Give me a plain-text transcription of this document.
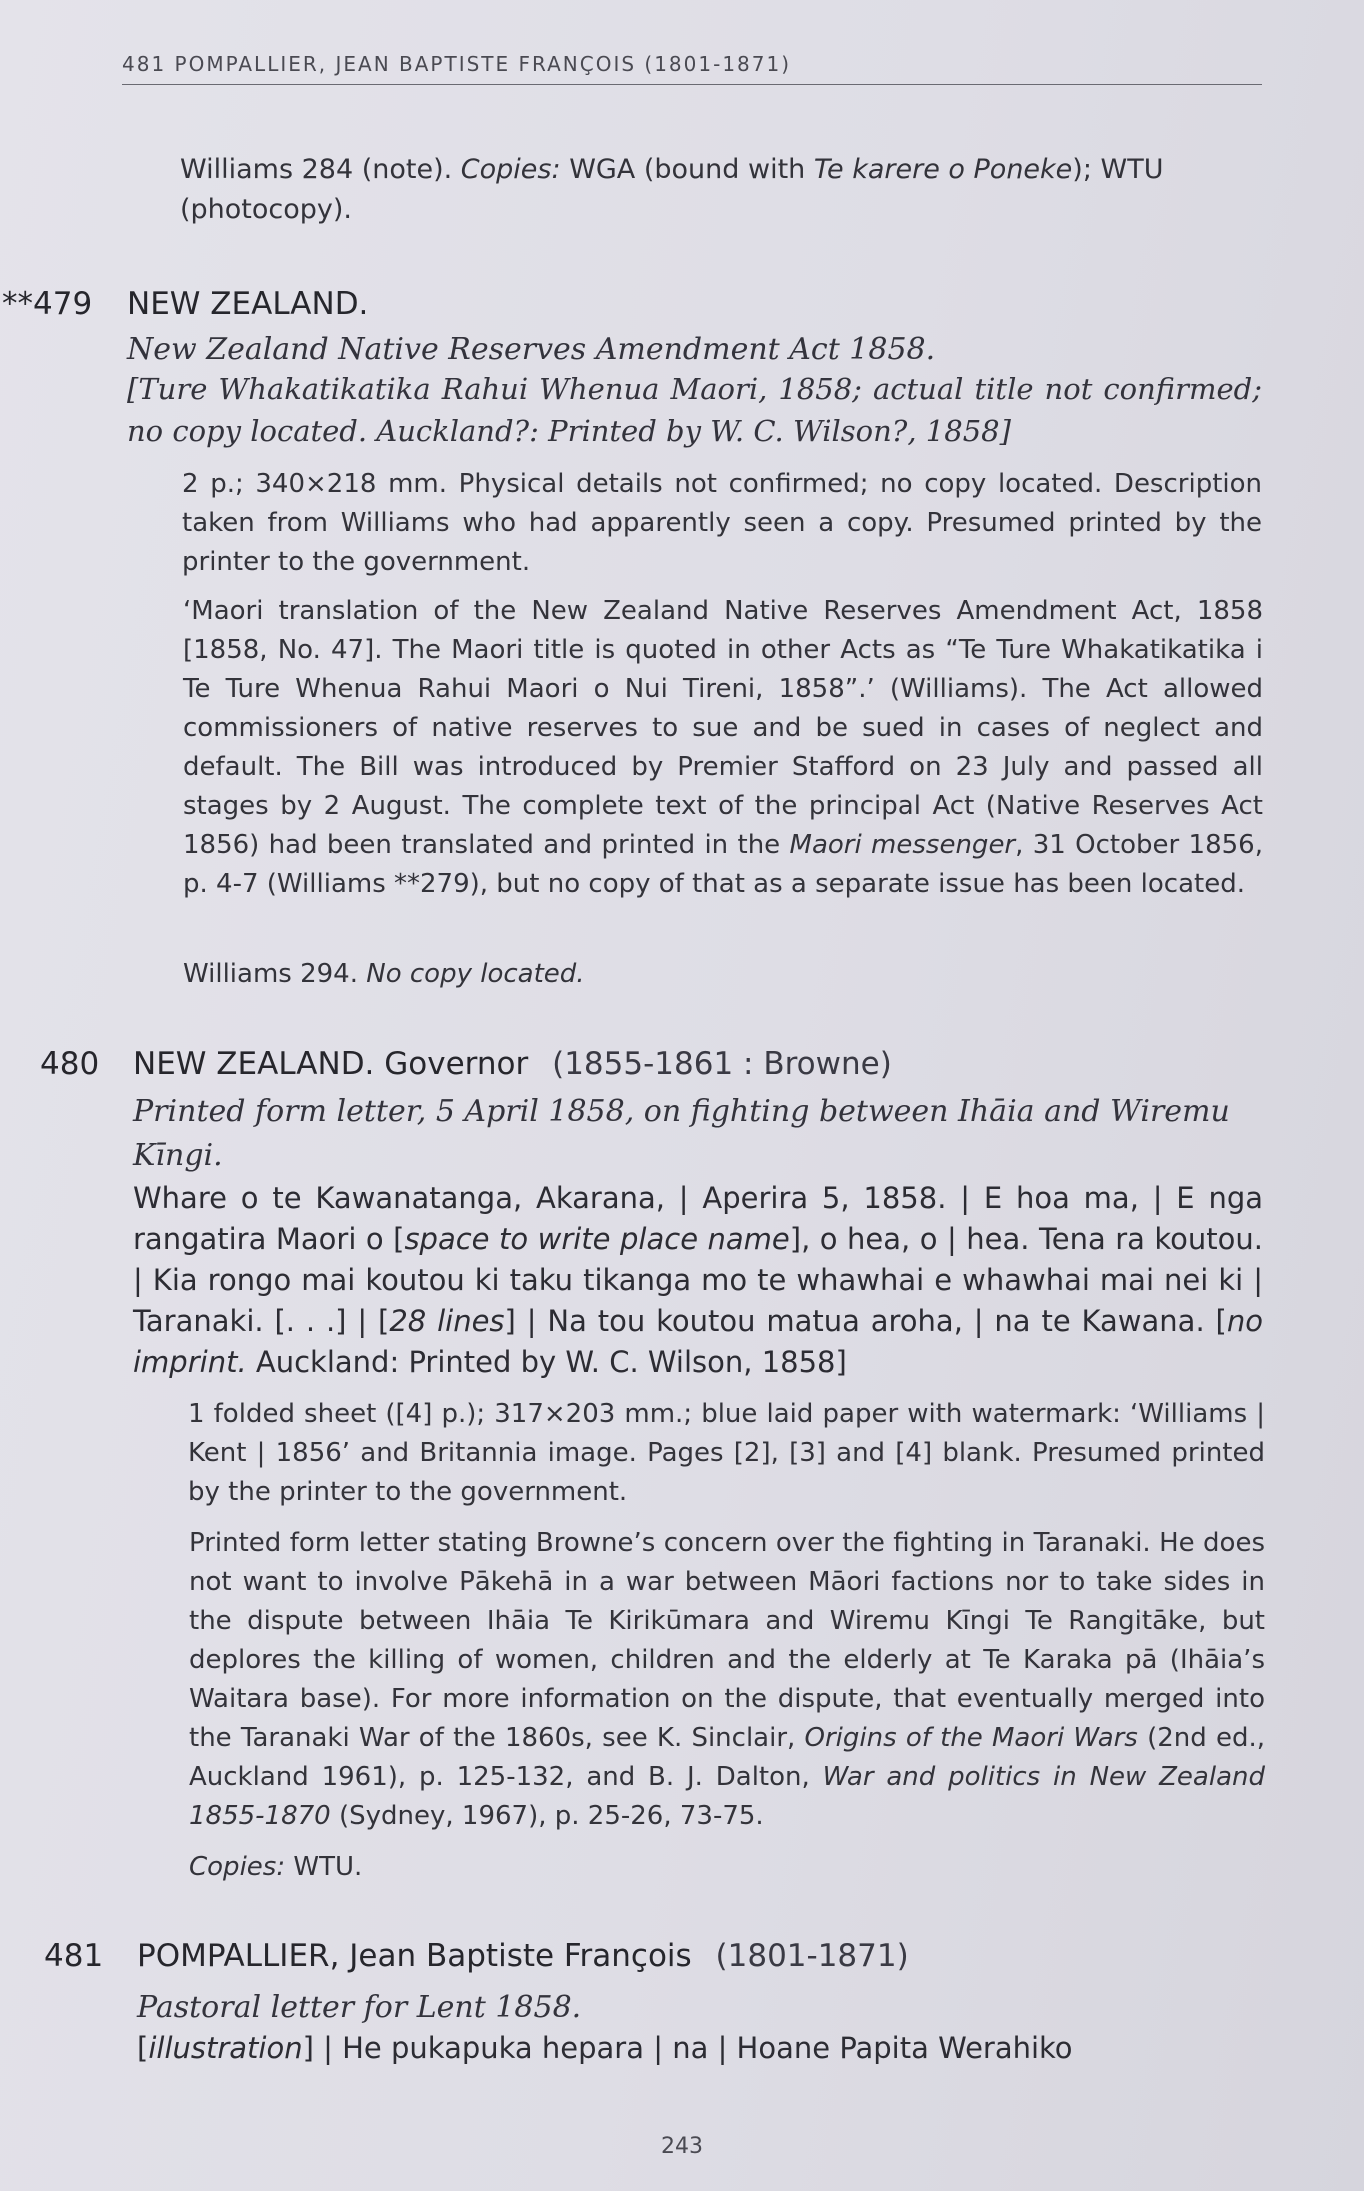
481 POMPALLIER, JEAN BAPTISTE FRANÇOIS (1801-1871)
Williams 284 (note). Copies: WGA (bound with Te karere o Poneke); WTU
(photocopy).
**479 NEW ZEALAND.
New Zealand Native Reserves Amendment Act 1858.
[Ture Whakatikatika Rahui Whenua Maori, 1858; actual title not confirmed; no copy located. Auckland?: Printed by W. C. Wilson?, 1858]
2 p.; 340×218 mm. Physical details not confirmed; no copy located. Description taken from Williams who had apparently seen a copy. Presumed printed by the printer to the government.
‘Maori translation of the New Zealand Native Reserves Amendment Act, 1858 [1858, No. 47]. The Maori title is quoted in other Acts as “Te Ture Whakatikatika i Te Ture Whenua Rahui Maori o Nui Tireni, 1858”.’ (Williams). The Act allowed commissioners of native reserves to sue and be sued in cases of neglect and default. The Bill was introduced by Premier Stafford on 23 July and passed all stages by 2 August. The complete text of the principal Act (Native Reserves Act 1856) had been translated and printed in the Maori messenger, 31 October 1856, p. 4-7 (Williams **279), but no copy of that as a separate issue has been located.
Williams 294. No copy located.
480 NEW ZEALAND. Governor (1855-1861 : Browne)
Printed form letter, 5 April 1858, on fighting between Ihāia and Wiremu Kīngi.
Whare o te Kawanatanga, Akarana, | Aperira 5, 1858. | E hoa ma, | E nga rangatira Maori o [space to write place name], o hea, o | hea. Tena ra koutou. | Kia rongo mai koutou ki taku tikanga mo te whawhai e whawhai mai nei ki | Taranaki. [. . .] | [28 lines] | Na tou koutou matua aroha, | na te Kawana. [no imprint. Auckland: Printed by W. C. Wilson, 1858]
1 folded sheet ([4] p.); 317×203 mm.; blue laid paper with watermark: ‘Williams | Kent | 1856’ and Britannia image. Pages [2], [3] and [4] blank. Presumed printed by the printer to the government.
Printed form letter stating Browne’s concern over the fighting in Taranaki. He does not want to involve Pākehā in a war between Māori factions nor to take sides in the dispute between Ihāia Te Kirikūmara and Wiremu Kīngi Te Rangitāke, but deplores the killing of women, children and the elderly at Te Karaka pā (Ihāia’s Waitara base). For more information on the dispute, that eventually merged into the Taranaki War of the 1860s, see K. Sinclair, Origins of the Maori Wars (2nd ed., Auckland 1961), p. 125-132, and B. J. Dalton, War and politics in New Zealand 1855-1870 (Sydney, 1967), p. 25-26, 73-75.
Copies: WTU.
481 POMPALLIER, Jean Baptiste François (1801-1871)
Pastoral letter for Lent 1858.
[illustration] | He pukapuka hepara | na | Hoane Papita Werahiko
243
